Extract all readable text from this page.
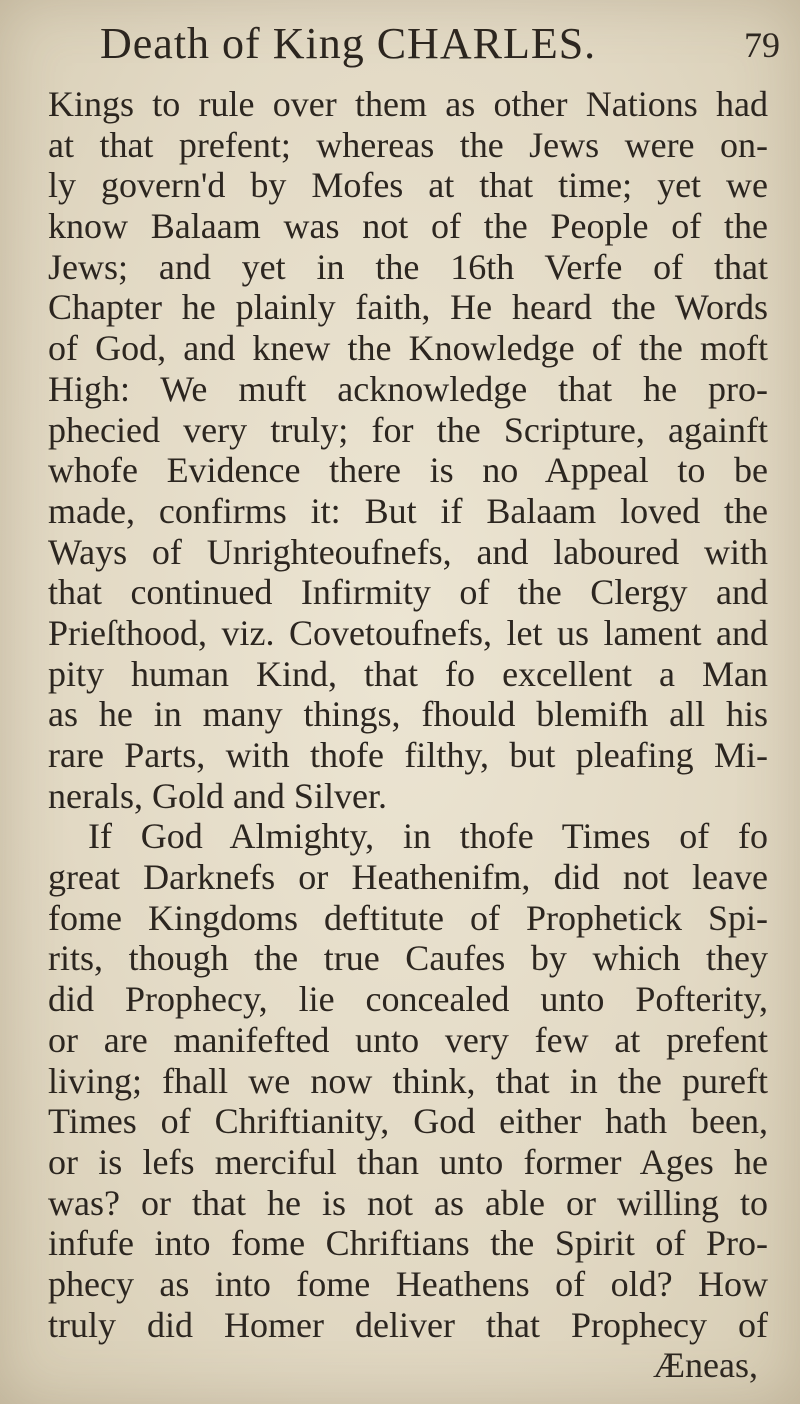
Death of King CHARLES.	79
Kings to rule over them as other Nations had
at that prefent; whereas the Jews were on-
ly govern'd by Mofes at that time; yet we
know Balaam was not of the People of the
Jews; and yet in the 16th Verfe of that
Chapter he plainly faith, He heard the Words
of God, and knew the Knowledge of the moft
High: We muft acknowledge that he pro-
phecied very truly; for the Scripture, againft
whofe Evidence there is no Appeal to be
made, confirms it: But if Balaam loved the
Ways of Unrighteoufnefs, and laboured with
that continued Infirmity of the Clergy and
Prieſthood, viz. Covetoufnefs, let us lament and
pity human Kind, that fo excellent a Man
as he in many things, fhould blemifh all his
rare Parts, with thofe filthy, but pleafing Mi-
nerals, Gold and Silver.
If God Almighty, in thofe Times of fo
great Darknefs or Heathenifm, did not leave
fome Kingdoms deftitute of Prophetick Spi-
rits, though the true Caufes by which they
did Prophecy, lie concealed unto Pofterity,
or are manifefted unto very few at prefent
living; fhall we now think, that in the pureft
Times of Chriftianity, God either hath been,
or is lefs merciful than unto former Ages he
was? or that he is not as able or willing to
infufe into fome Chriftians the Spirit of Pro-
phecy as into fome Heathens of old? How
truly did Homer deliver that Prophecy of
Æneas,
